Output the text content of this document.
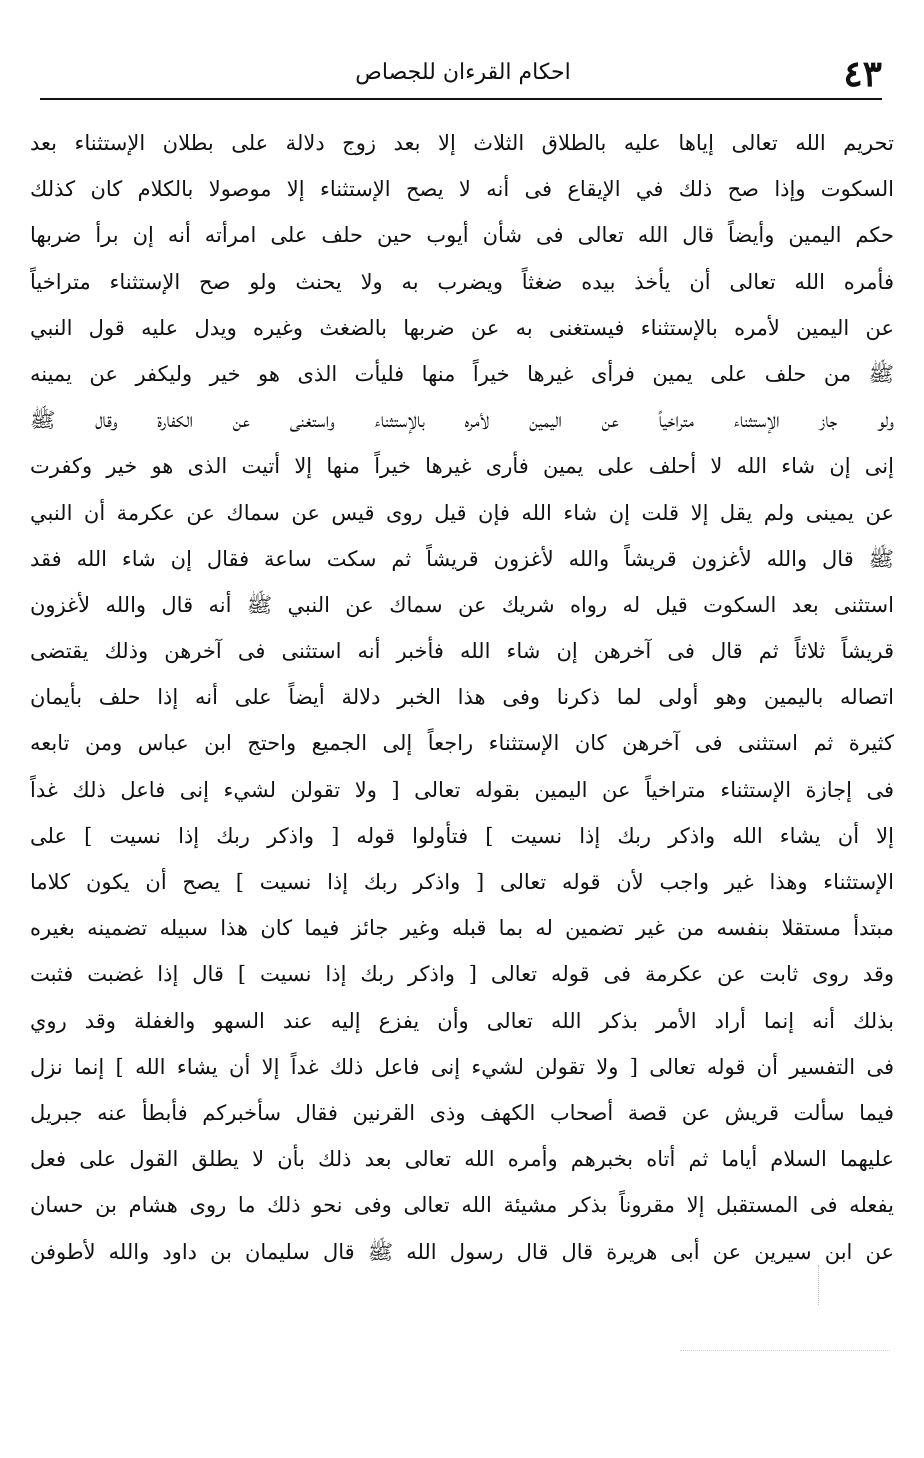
٤٣
احكام القرءان للجصاص
تحريم الله تعالى إياها عليه بالطلاق الثلاث إلا بعد زوج دلالة على بطلان الإستثناء بعد
السكوت وإذا صح ذلك في الإيقاع فى أنه لا يصح الإستثناء إلا موصولا بالكلام كان كذلك
حكم اليمين وأيضاً قال الله تعالى فى شأن أيوب حين حلف على امرأته أنه إن برأ ضربها
فأمره الله تعالى أن يأخذ بيده ضغثاً ويضرب به ولا يحنث ولو صح الإستثناء متراخياً
عن اليمين لأمره بالإستثناء فيستغنى به عن ضربها بالضغث وغيره ويدل عليه قول النبي
ﷺ من حلف على يمين فرأى غيرها خيراً منها فليأت الذى هو خير وليكفر عن يمينه
ولو جاز الإستثناء متراخياً عن اليمين لأمره بالإستثناء واستغنى عن الكفارة وقال ﷺ
إنى إن شاء الله لا أحلف على يمين فأرى غيرها خيراً منها إلا أتيت الذى هو خير وكفرت
عن يمينى ولم يقل إلا قلت إن شاء الله فإن قيل روى قيس عن سماك عن عكرمة أن النبي
ﷺ قال والله لأغزون قريشاً والله لأغزون قريشاً ثم سكت ساعة فقال إن شاء الله فقد
استثنى بعد السكوت قيل له رواه شريك عن سماك عن النبي ﷺ أنه قال والله لأغزون
قريشاً ثلاثاً ثم قال فى آخرهن إن شاء الله فأخبر أنه استثنى فى آخرهن وذلك يقتضى
اتصاله باليمين وهو أولى لما ذكرنا وفى هذا الخبر دلالة أيضاً على أنه إذا حلف بأيمان
كثيرة ثم استثنى فى آخرهن كان الإستثناء راجعاً إلى الجميع واحتج ابن عباس ومن تابعه
فى إجازة الإستثناء متراخياً عن اليمين بقوله تعالى [ ولا تقولن لشيء إنى فاعل ذلك غداً
إلا أن يشاء الله واذكر ربك إذا نسيت ] فتأولوا قوله [ واذكر ربك إذا نسيت ] على
الإستثناء وهذا غير واجب لأن قوله تعالى [ واذكر ربك إذا نسيت ] يصح أن يكون كلاما
مبتدأ مستقلا بنفسه من غير تضمين له بما قبله وغير جائز فيما كان هذا سبيله تضمينه بغيره
وقد روى ثابت عن عكرمة فى قوله تعالى [ واذكر ربك إذا نسيت ] قال إذا غضبت فثبت
بذلك أنه إنما أراد الأمر بذكر الله تعالى وأن يفزع إليه عند السهو والغفلة وقد روي
فى التفسير أن قوله تعالى [ ولا تقولن لشيء إنى فاعل ذلك غداً إلا أن يشاء الله ] إنما نزل
فيما سألت قريش عن قصة أصحاب الكهف وذى القرنين فقال سأخبركم فأبطأ عنه جبريل
عليهما السلام أياما ثم أتاه بخبرهم وأمره الله تعالى بعد ذلك بأن لا يطلق القول على فعل
يفعله فى المستقبل إلا مقروناً بذكر مشيئة الله تعالى وفى نحو ذلك ما روى هشام بن حسان
عن ابن سيرين عن أبى هريرة قال قال رسول الله ﷺ قال سليمان بن داود والله لأطوفن
